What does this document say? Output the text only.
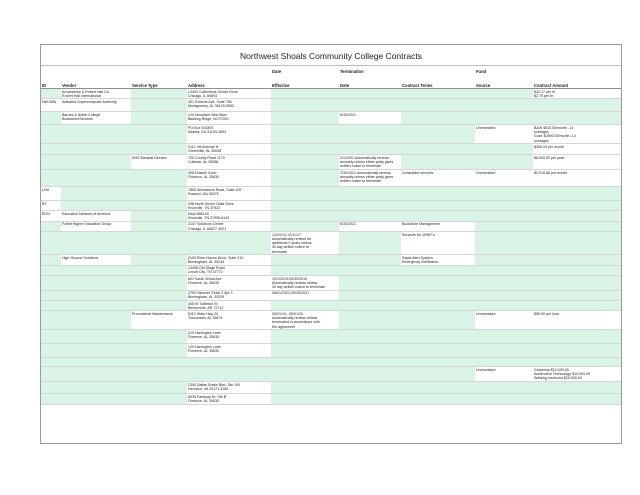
Northwest Shoals Community College Contracts
				Date	Termination		Fund	
ID	Vendor	Service Type	Address	Effective	Date	Contract Terms	Source	Contract Amount
	Armanbmor & Robert Hall Co.
Robert Hall International		L3400 Collections Center Drive
Chicago, IL 60693					$42.17 per hr
$2.75 per hr
NW-WIN	Alabama Supercomputer Authority		401 Roberts Ave, Suite 780
Montgomery, AL 36130-9553					
	Barnes & Noble College Bookstore/Services		120 Mountain View Blvd
Basking Ridge, NJ 07920		6/30/2021			
			PO Box 932893
Atlanta, GA 31193-2893				Unrestricted	B&W $910.00/month -14
overages
Color $2500.00/month -14
overages
			2112 4th Avenue N
Greenville, AL 35045					$350.00 per month
		EMS Medical Director	700 County Road 1179
Cullman, AL 35058		2/1/2021 Automatically renews
annually unless either party gives
written notice to terminate			$6,000.00 per year
			908 Driskell Court
Florence, AL 35630		7/30/2021 Automatically renews
annually unless either party gives
written notice to terminate	Consultant services	Unrestricted	$2,916.66 per month
LNU			7805 Woodstock Road, Suite 420
Roswell, GA 30075					
BY			298 North Seven Oaks Drive
Knoxville, TN 37922					
EDN	Education Network of America		Dept 888149
Knoxville, TN 37995-8149					
	Follett Higher Education Group		3147 Solutions Center
Chicago, IL 60677-3001		6/30/2021	Bookstore Management		
				12/31/14 12/31/17
Automatically renews for
additional 3 years unless
30 day written notice to
terminate		Services for 1098T's		
	High Ground Solutions		2100 River Haven Drive, Suite 210
Birmingham, AL 35244			Rapid Alert System
Emergency notification		
			14498 Old Stage Road
Lenoir City, TN 37772					
			601 South Wood Ave
Florence, AL 35630	10/1/2019-09/30/2019
Automatically renews unless
30 day written notice to terminate				
			2700 Vanover Circle 2 Apt 3
Birmingham, AL 35209	08/01/2021-09/30/2021				
			405 W Tuttleton St
Bentonville, AR 72712					
		Promotional Maintenance	5110 State Hwy 20
Tuscumbia, AL 35674	05/01/19 - 05/01/20
Automatically renews unless
terminated in accordance with
the agreement			Unrestricted	$85.00 per hour
			219 Harrington Lane
Florence, AL 35630					
			120 Harrington Lane
Florence, AL 35630					

							Unrestricted	Carpentry $10,000.00
Automotive Technology $10,000.00
Welding Instructor $20,000.00
			2300 Dallas Drake Blvd, Ste 100
Herndon, VA 20171-3180					
			8035 Parkway Dr, Ste B
Florence, AL 35630					
